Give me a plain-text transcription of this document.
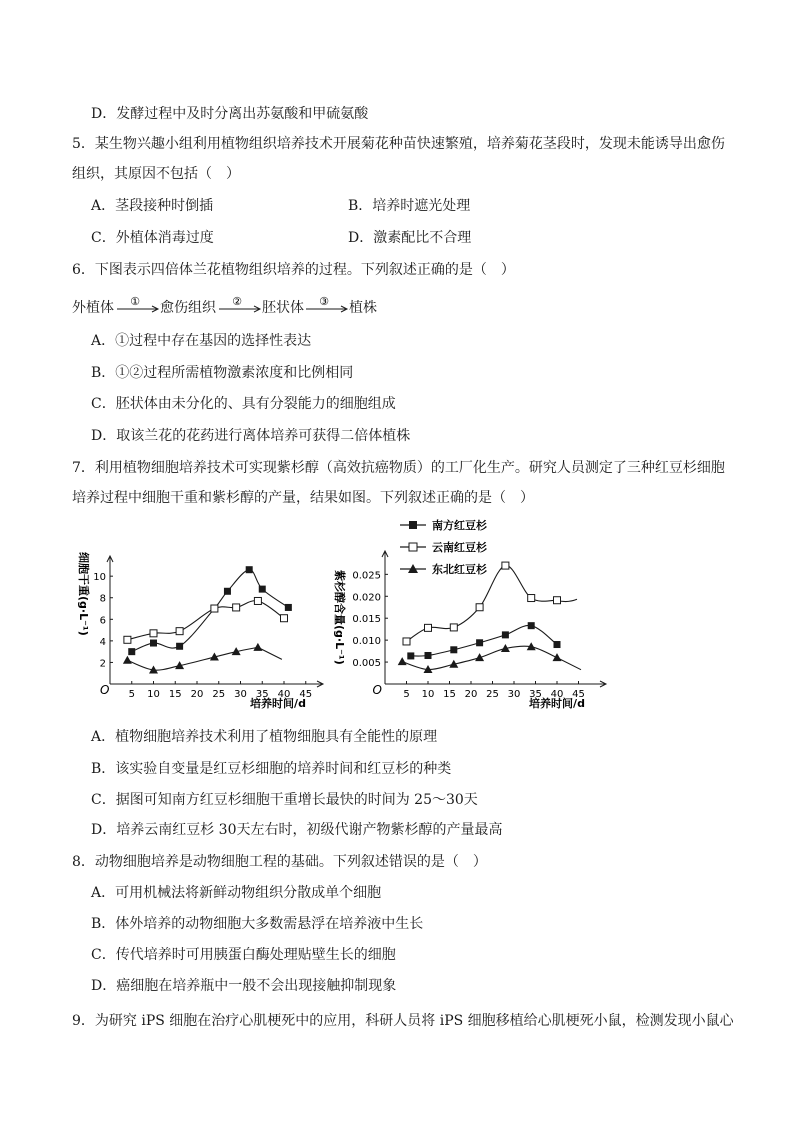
D．发酵过程中及时分离出苏氨酸和甲硫氨酸
5．某生物兴趣小组利用植物组织培养技术开展菊花种苗快速繁殖，培养菊花茎段时，发现未能诱导出愈伤
组织，其原因不包括（　）
A．茎段接种时倒插	B．培养时遮光处理
C．外植体消毒过度	D．激素配比不合理
6．下图表示四倍体兰花植物组织培养的过程。下列叙述正确的是（　）
外植体 ① 愈伤组织 ② 胚状体 ③ 植株
A．①过程中存在基因的选择性表达
B．①②过程所需植物激素浓度和比例相同
C．胚状体由未分化的、具有分裂能力的细胞组成
D．取该兰花的花药进行离体培养可获得二倍体植株
7．利用植物细胞培养技术可实现紫杉醇（高效抗癌物质）的工厂化生产。研究人员测定了三种红豆杉细胞
培养过程中细胞干重和紫杉醇的产量，结果如图。下列叙述正确的是（　）
O
培养时间/d
细胞干重(g·L⁻¹)
5 10 15 20 25 30 35 40 45
2
4
6
8
10
O
培养时间/d
紫杉醇含量(g·L⁻¹)
5 10 15 20 25 30 35 40 45
0.005
0.010
0.015
0.020
0.025
南方红豆杉
云南红豆杉
东北红豆杉
A．植物细胞培养技术利用了植物细胞具有全能性的原理
B．该实验自变量是红豆杉细胞的培养时间和红豆杉的种类
C．据图可知南方红豆杉细胞干重增长最快的时间为 25～30天
D．培养云南红豆杉 30天左右时，初级代谢产物紫杉醇的产量最高
8．动物细胞培养是动物细胞工程的基础。下列叙述错误的是（　）
A．可用机械法将新鲜动物组织分散成单个细胞
B．体外培养的动物细胞大多数需悬浮在培养液中生长
C．传代培养时可用胰蛋白酶处理贴壁生长的细胞
D．癌细胞在培养瓶中一般不会出现接触抑制现象
9．为研究 iPS 细胞在治疗心肌梗死中的应用，科研人员将 iPS 细胞移植给心肌梗死小鼠，检测发现小鼠心
